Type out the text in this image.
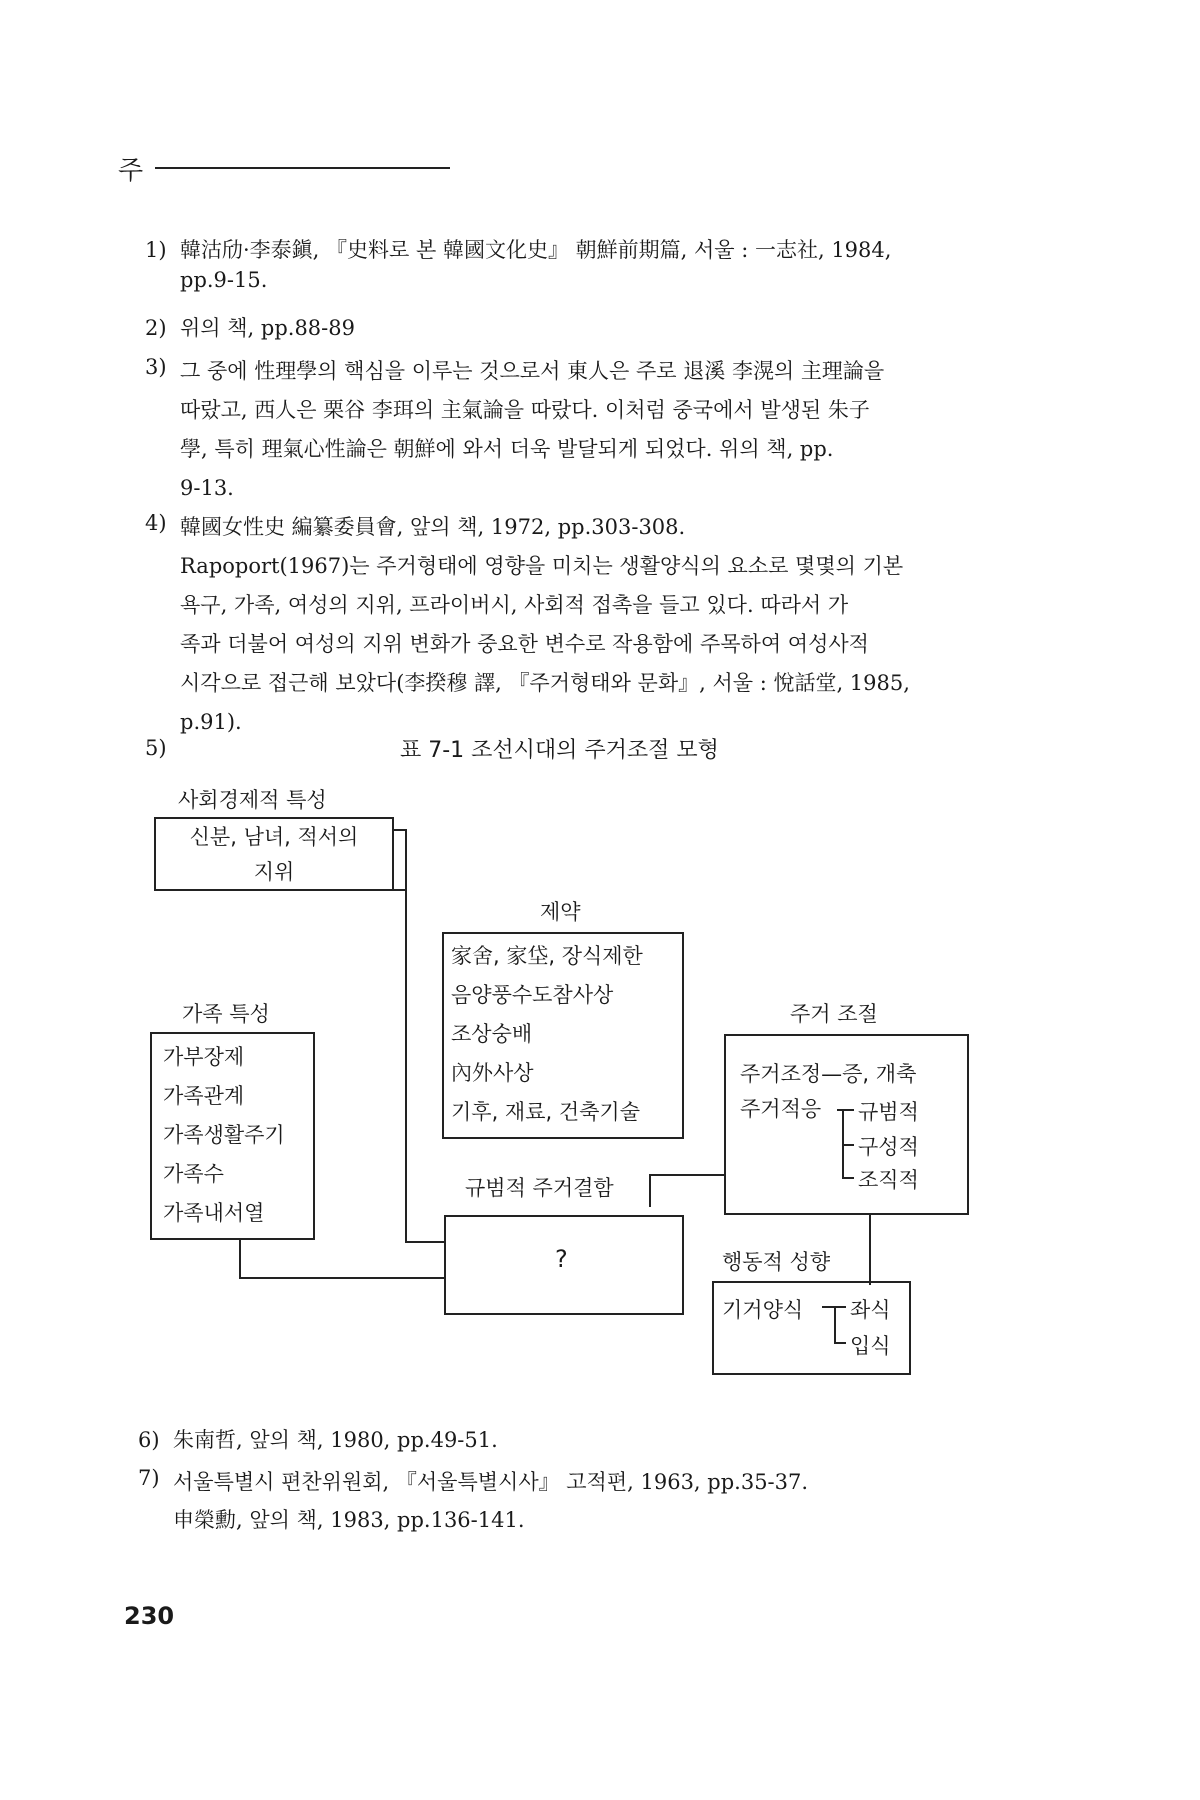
주
1) 韓沽劤·李泰鎭, 『史料로 본 韓國文化史』 朝鮮前期篇, 서울 : 一志社, 1984,
pp.9-15.
2) 위의 책, pp.88-89
3) 그 중에 性理學의 핵심을 이루는 것으로서 東人은 주로 退溪 李滉의 主理論을
따랐고, 西人은 栗谷 李珥의 主氣論을 따랐다. 이처럼 중국에서 발생된 朱子
學, 특히 理氣心性論은 朝鮮에 와서 더욱 발달되게 되었다. 위의 책, pp.
9-13.
4) 韓國女性史 編纂委員會, 앞의 책, 1972, pp.303-308.
Rapoport(1967)는 주거형태에 영향을 미치는 생활양식의 요소로 몇몇의 기본
욕구, 가족, 여성의 지위, 프라이버시, 사회적 접촉을 들고 있다. 따라서 가
족과 더불어 여성의 지위 변화가 중요한 변수로 작용함에 주목하여 여성사적
시각으로 접근해 보았다(李揆穆 譯, 『주거형태와 문화』, 서울 : 悅話堂, 1985,
p.91).
5)	표 7-1 조선시대의 주거조절 모형
사회경제적 특성
신분, 남녀, 적서의
지위
제약
家舍, 家垈, 장식제한
음양풍수도참사상
조상숭배
內外사상
기후, 재료, 건축기술
가족 특성
가부장제
가족관계
가족생활주기
가족수
가족내서열
주거 조절
주거조정—증, 개축
주거적응 규범적
구성적
조직적
규범적 주거결함
?	행동적 성향
기거양식 좌식
입식
6) 朱南哲, 앞의 책, 1980, pp.49-51.
7) 서울특별시 편찬위원회, 『서울특별시사』 고적편, 1963, pp.35-37.
申榮勳, 앞의 책, 1983, pp.136-141.
230
